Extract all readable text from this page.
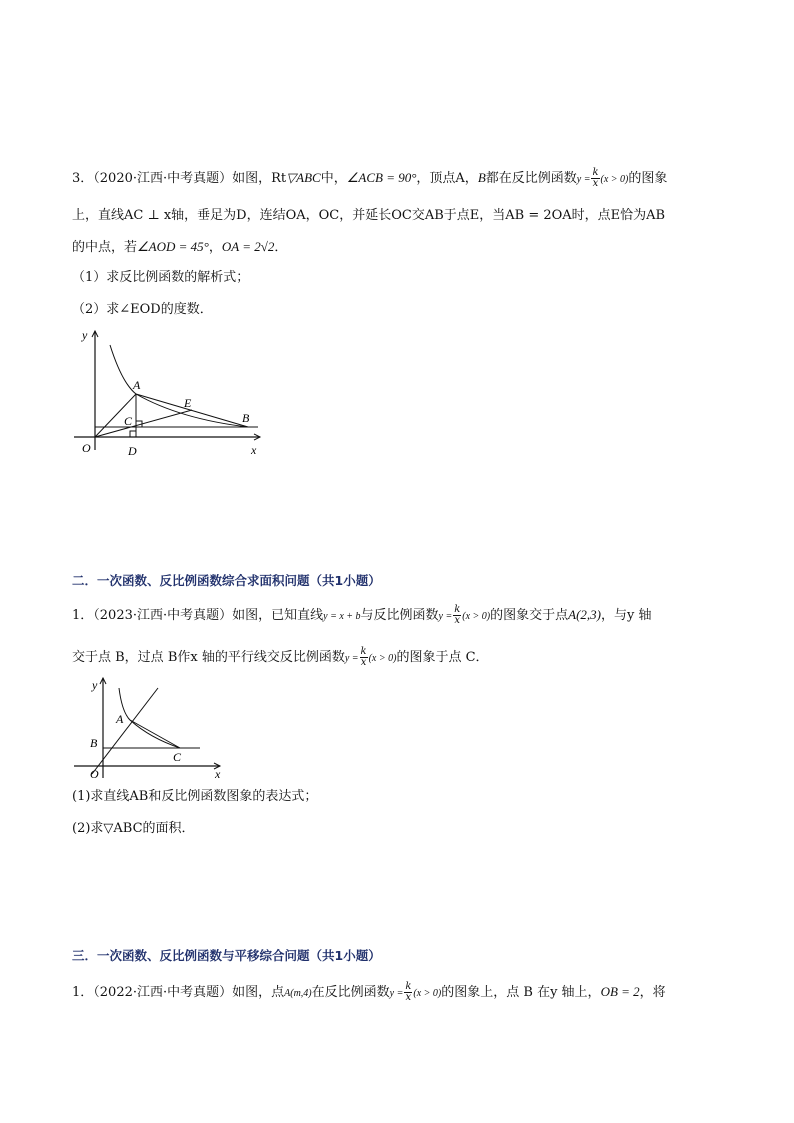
3．（2020·江西·中考真题）如图，Rt▽ABC中，∠ACB = 90°，顶点A，B都在反比例函数$y = \frac{k}{x} (x > 0)$的图象
上，直线AC ⊥ x轴，垂足为D，连结OA，OC，并延长OC交AB于点E，当AB = 2OA时，点E恰为AB
的中点，若∠AOD = 45°，OA = 2√2．
（1）求反比例函数的解析式；
（2）求∠EOD的度数．
y
x
O
A
B
C
D
E
二．一次函数、反比例函数综合求面积问题（共1小题）
1．（2023·江西·中考真题）如图，已知直线y = x + b与反比例函数$y = \frac{k}{x} (x > 0)$的图象交于点A(2,3)，与y 轴
交于点 B，过点 B作x 轴的平行线交反比例函数$y = \frac{k}{x} (x > 0)$的图象于点 C．
y
x
O
A
B
C
(1)求直线AB和反比例函数图象的表达式；
(2)求▽ABC的面积．
三．一次函数、反比例函数与平移综合问题（共1小题）
1．（2022·江西·中考真题）如图，点A(m,4)在反比例函数$y = \frac{k}{x} (x > 0)$的图象上，点 B 在y 轴上，OB = 2，将
